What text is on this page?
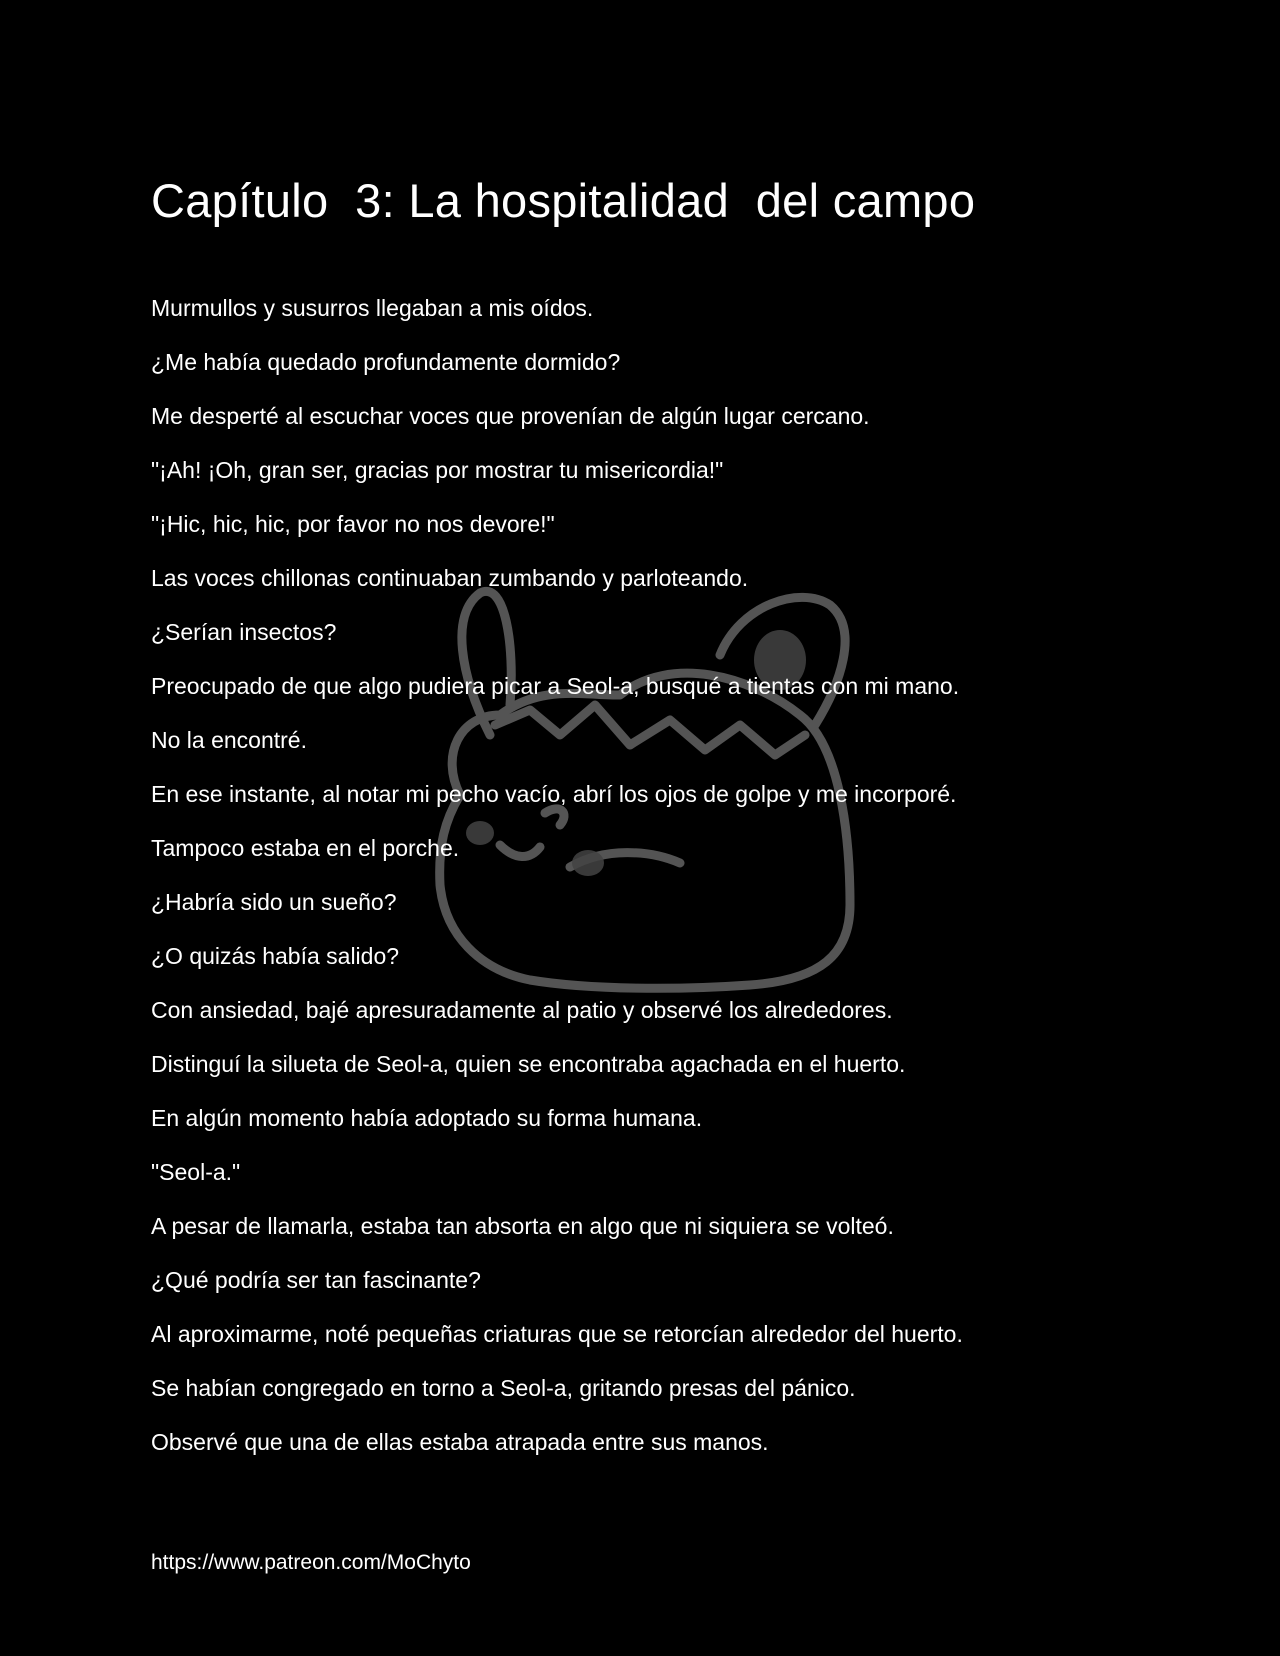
Capítulo  3: La hospitalidad  del campo
Murmullos y susurros llegaban a mis oídos.
¿Me había quedado profundamente dormido?
Me desperté al escuchar voces que provenían de algún lugar cercano.
"¡Ah! ¡Oh, gran ser, gracias por mostrar tu misericordia!"
"¡Hic, hic, hic, por favor no nos devore!"
Las voces chillonas continuaban zumbando y parloteando.
¿Serían insectos?
Preocupado de que algo pudiera picar a Seol-a, busqué a tientas con mi mano.
No la encontré.
En ese instante, al notar mi pecho vacío, abrí los ojos de golpe y me incorporé.
Tampoco estaba en el porche.
¿Habría sido un sueño?
¿O quizás había salido?
Con ansiedad, bajé apresuradamente al patio y observé los alrededores.
Distinguí la silueta de Seol-a, quien se encontraba agachada en el huerto.
En algún momento había adoptado su forma humana.
"Seol-a."
A pesar de llamarla, estaba tan absorta en algo que ni siquiera se volteó.
¿Qué podría ser tan fascinante?
Al aproximarme, noté pequeñas criaturas que se retorcían alrededor del huerto.
Se habían congregado en torno a Seol-a, gritando presas del pánico.
Observé que una de ellas estaba atrapada entre sus manos.
https://www.patreon.com/MoChyto
